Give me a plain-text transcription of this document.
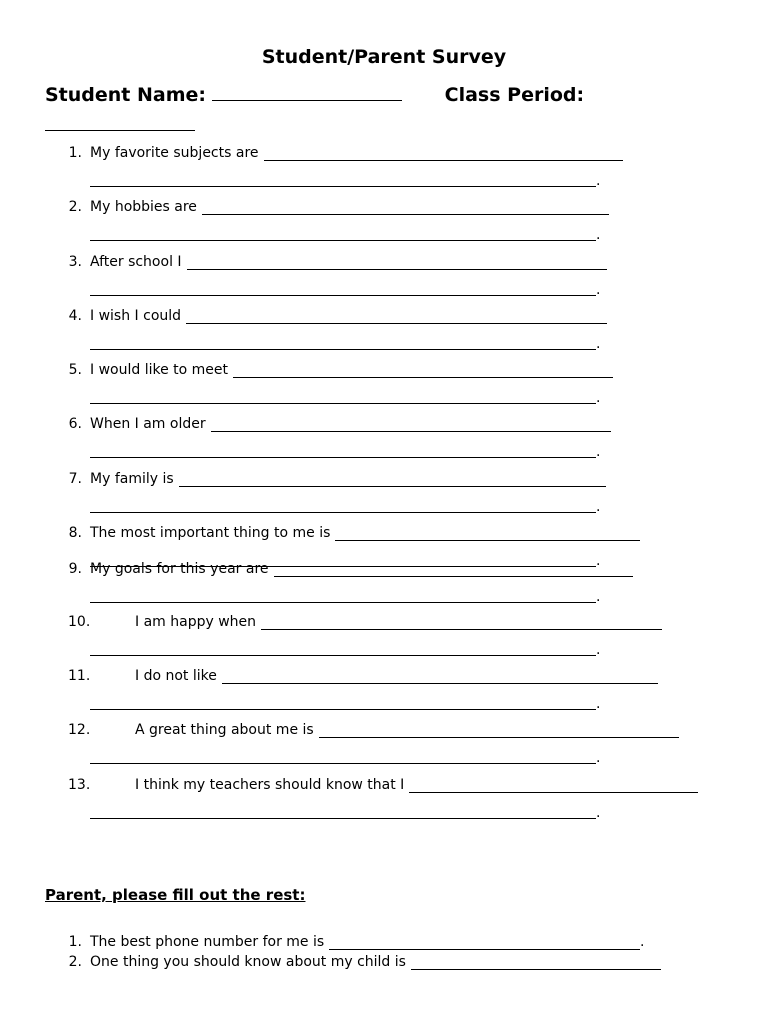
Student/Parent Survey
Student Name:	Class Period:
1. My favorite subjects are
.
2. My hobbies are
.
3. After school I
.
4. I wish I could
.
5. I would like to meet
.
6. When I am older
.
7. My family is
.
8. The most important thing to me is
.
9. My goals for this year are
.
10.	I am happy when
.
11.	I do not like
.
12.	A great thing about me is
.
13.	I think my teachers should know that I
.
Parent, please fill out the rest:
1. The best phone number for me is	.
2. One thing you should know about my child is
